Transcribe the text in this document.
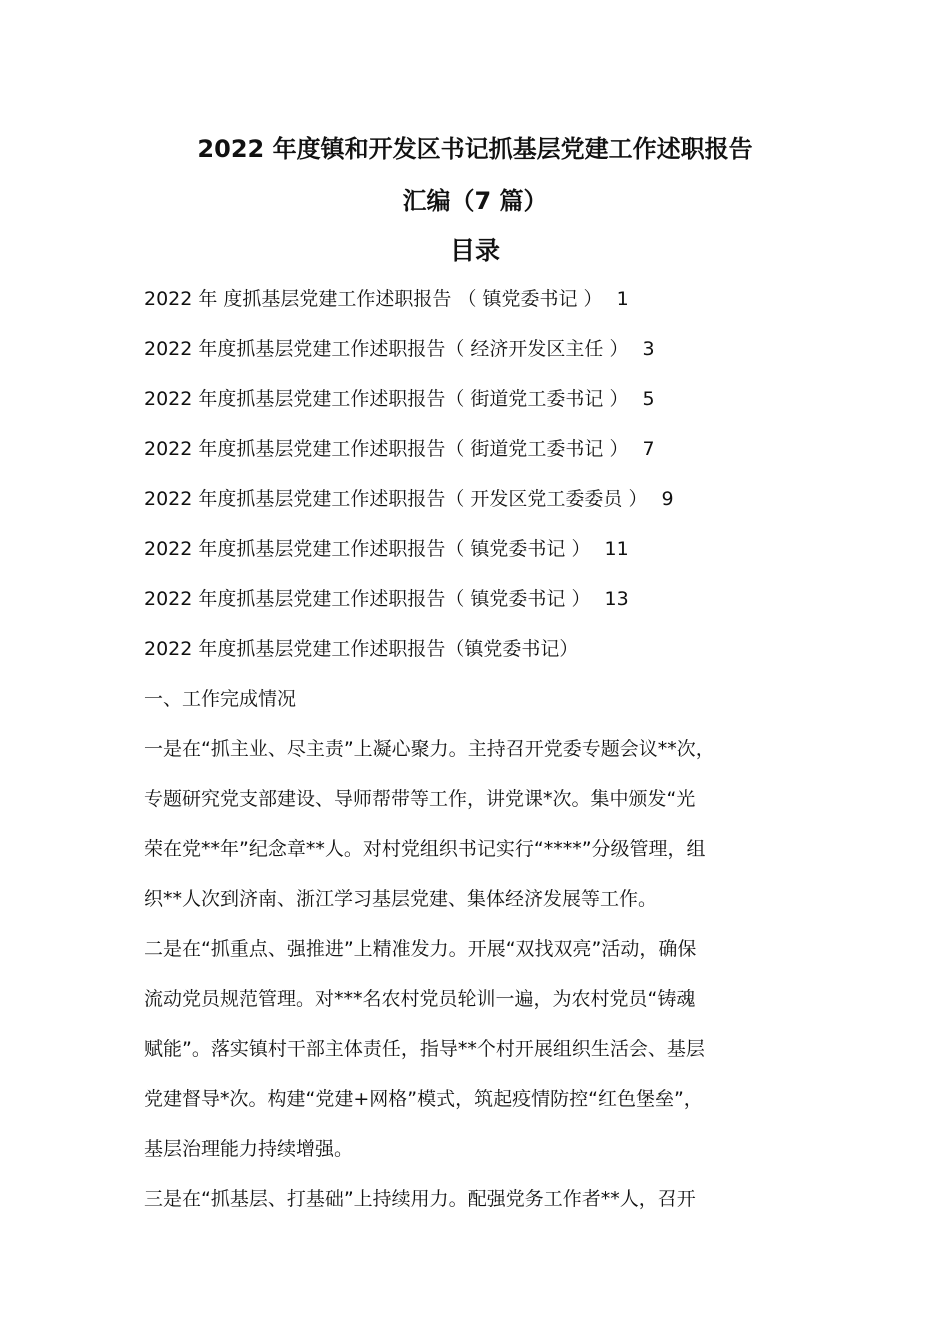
2022 年度镇和开发区书记抓基层党建工作述职报告
汇编（7 篇）
目录
2022 年 度抓基层党建工作述职报告 （ 镇党委书记 ） 1
2022 年度抓基层党建工作述职报告（ 经济开发区主任 ） 3
2022 年度抓基层党建工作述职报告（ 街道党工委书记 ） 5
2022 年度抓基层党建工作述职报告（ 街道党工委书记 ） 7
2022 年度抓基层党建工作述职报告（ 开发区党工委委员 ） 9
2022 年度抓基层党建工作述职报告（ 镇党委书记 ） 11
2022 年度抓基层党建工作述职报告（ 镇党委书记 ） 13
2022 年度抓基层党建工作述职报告（镇党委书记）
一、工作完成情况
一是在“抓主业、尽主责”上凝心聚力。主持召开党委专题会议**次，
专题研究党支部建设、导师帮带等工作，讲党课*次。集中颁发“光
荣在党**年”纪念章**人。对村党组织书记实行“****”分级管理，组
织**人次到济南、浙江学习基层党建、集体经济发展等工作。
二是在“抓重点、强推进”上精准发力。开展“双找双亮”活动，确保
流动党员规范管理。对***名农村党员轮训一遍，为农村党员“铸魂
赋能”。落实镇村干部主体责任，指导**个村开展组织生活会、基层
党建督导*次。构建“党建+网格”模式，筑起疫情防控“红色堡垒”，
基层治理能力持续增强。
三是在“抓基层、打基础”上持续用力。配强党务工作者**人，召开
